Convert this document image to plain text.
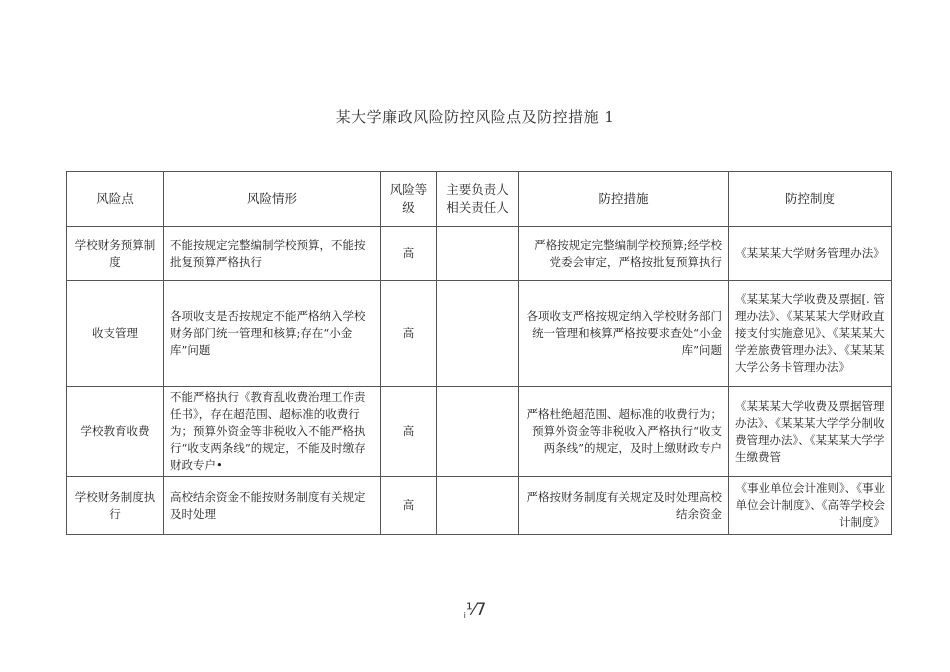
某大学廉政风险防控风险点及防控措施 1
风险点	风险情形	风险等级	主要负责人相关责任人	防控措施	防控制度
学校财务预算制度	不能按规定完整编制学校预算，不能按批复预算严格执行	高		严格按规定完整编制学校预算;经学校党委会审定，严格按批复预算执行	《某某某大学财务管理办法》
收支管理	各项收支是否按规定不能严格纳入学校财务部门统一管理和核算;存在“小金库”问题	高		各项收支严格按规定纳入学校财务部门统一管理和核算严格按要求查处“小金库”问题	《某某某大学收费及票据[. 管理办法》、《某某某大学财政直接支付实施意见》、《某某某大学差旅费管理办法》、《某某某大学公务卡管理办法》
学校教育收费	不能严格执行《教育乱收费治理工作责任书》，存在超范围、超标准的收费行为；预算外资金等非税收入不能严格执行“收支两条线”的规定，不能及时缴存财政专户•	高		严格杜绝超范围、超标准的收费行为；预算外资金等非税收入严格执行“收支两条线”的规定，及时上缴财政专户	《某某某大学收费及票据管理办法》、《某某某大学学分制收费管理办法》、《某某某大学学生缴费管
学校财务制度执行	高校结余资金不能按财务制度有关规定及时处理	高		严格按财务制度有关规定及时处理高校结余资金	《事业单位会计准则》、《事业单位会计制度》、《高等学校会计制度》
i⅟7
